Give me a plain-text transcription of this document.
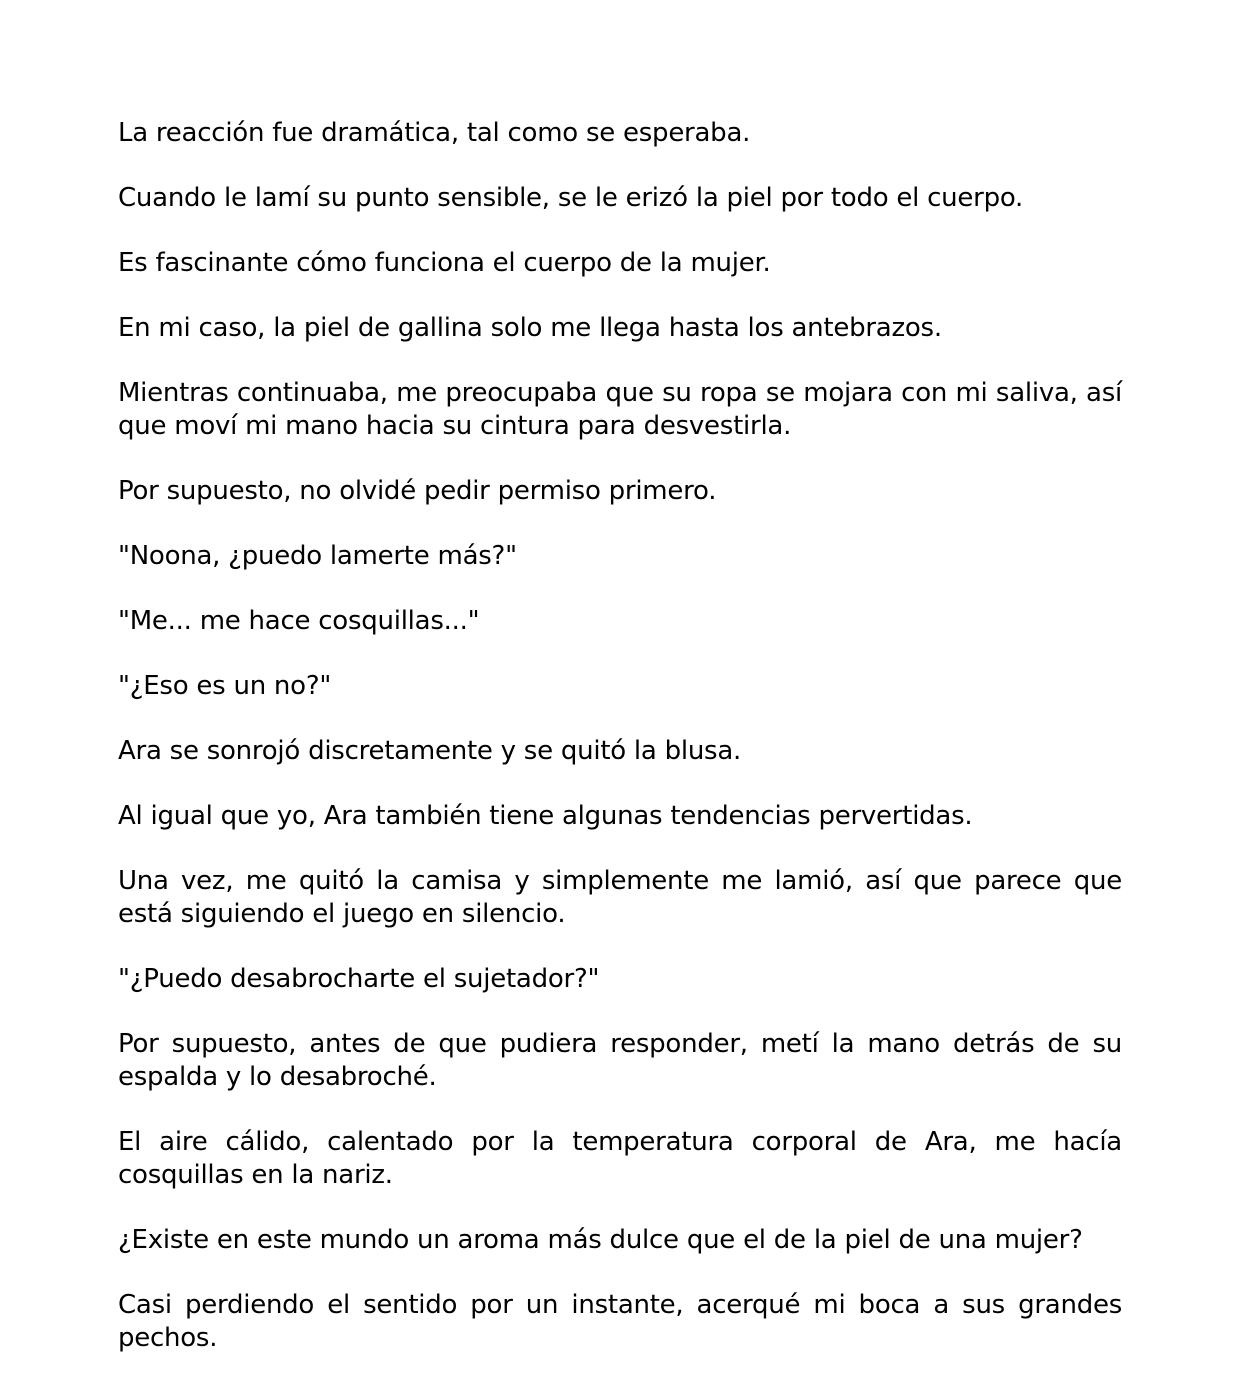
La reacción fue dramática, tal como se esperaba.

Cuando le lamí su punto sensible, se le erizó la piel por todo el cuerpo.

Es fascinante cómo funciona el cuerpo de la mujer.

En mi caso, la piel de gallina solo me llega hasta los antebrazos.

Mientras continuaba, me preocupaba que su ropa se mojara con mi saliva, así que moví mi mano hacia su cintura para desvestirla.

Por supuesto, no olvidé pedir permiso primero.

"Noona, ¿puedo lamerte más?"

"Me... me hace cosquillas..."

"¿Eso es un no?"

Ara se sonrojó discretamente y se quitó la blusa.

Al igual que yo, Ara también tiene algunas tendencias pervertidas.

Una vez, me quitó la camisa y simplemente me lamió, así que parece que está siguiendo el juego en silencio.

"¿Puedo desabrocharte el sujetador?"

Por supuesto, antes de que pudiera responder, metí la mano detrás de su espalda y lo desabroché.

El aire cálido, calentado por la temperatura corporal de Ara, me hacía cosquillas en la nariz.

¿Existe en este mundo un aroma más dulce que el de la piel de una mujer?

Casi perdiendo el sentido por un instante, acerqué mi boca a sus grandes pechos.
